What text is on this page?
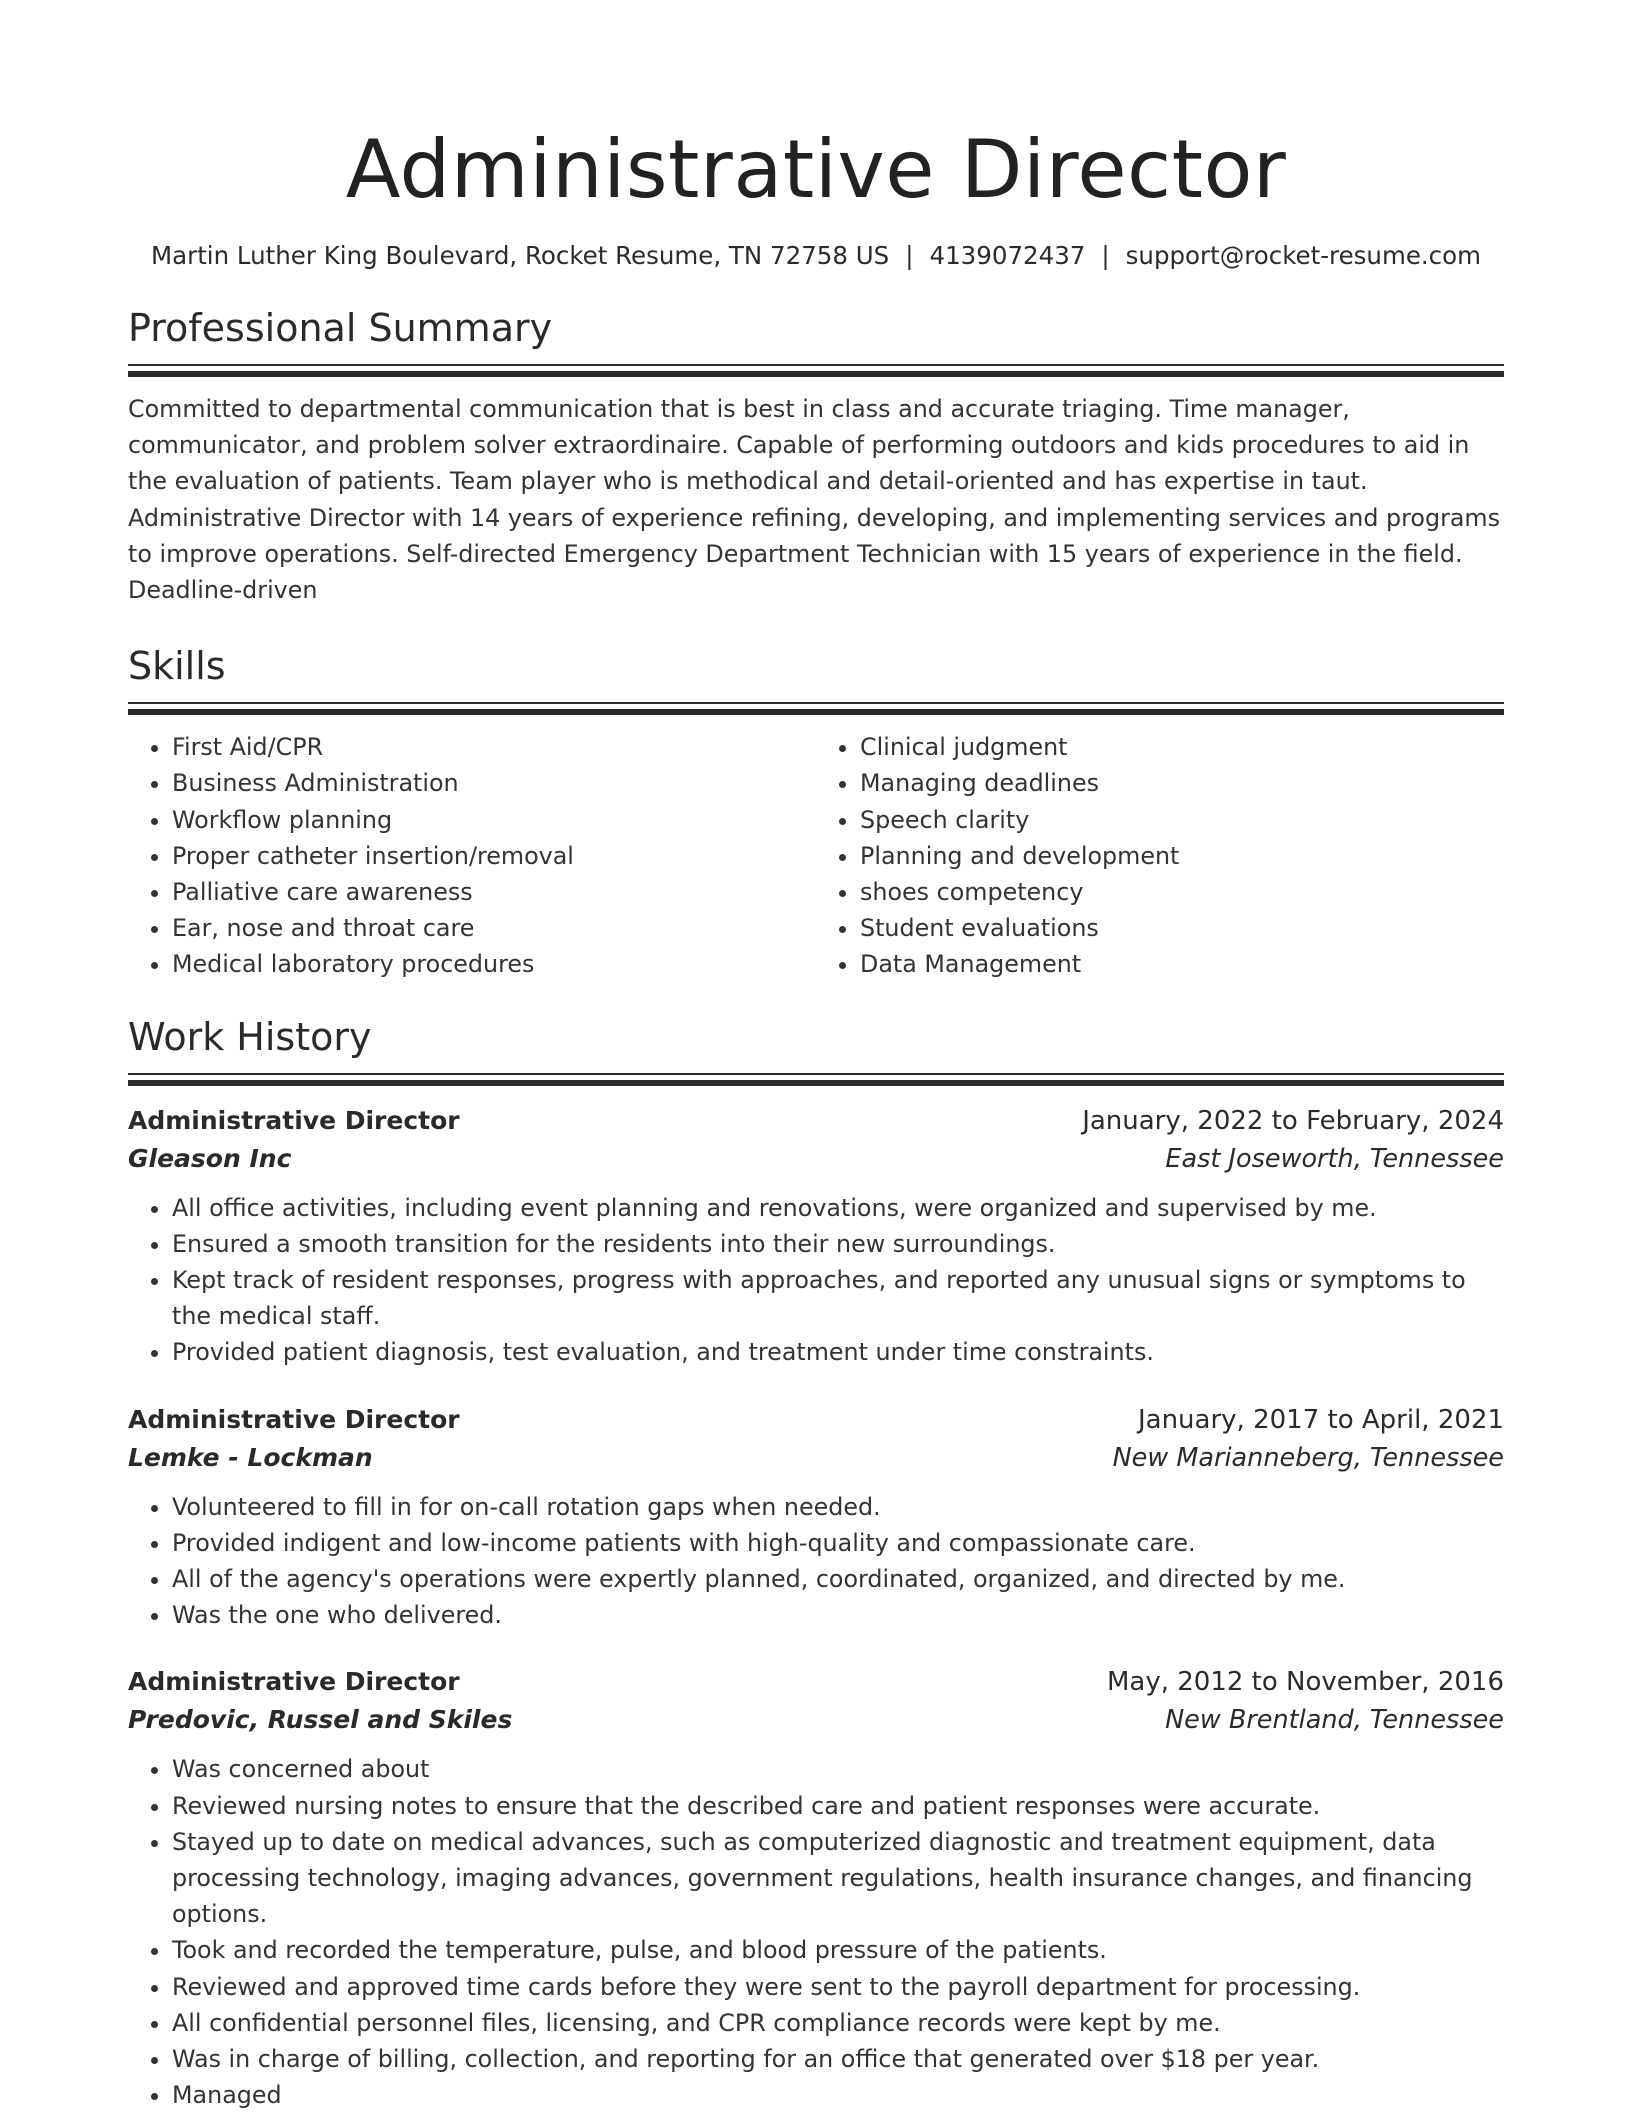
Administrative Director
Martin Luther King Boulevard, Rocket Resume, TN 72758 US | 4139072437 | support@rocket-resume.com
Professional Summary

Committed to departmental communication that is best in class and accurate triaging. Time manager, communicator, and problem solver extraordinaire. Capable of performing outdoors and kids procedures to aid in the evaluation of patients. Team player who is methodical and detail-oriented and has expertise in taut. Administrative Director with 14 years of experience refining, developing, and implementing services and programs to improve operations. Self-directed Emergency Department Technician with 15 years of experience in the field. Deadline-driven

Skills
• First Aid/CPR
• Business Administration
• Workflow planning
• Proper catheter insertion/removal
• Palliative care awareness
• Ear, nose and throat care
• Medical laboratory procedures
• Clinical judgment
• Managing deadlines
• Speech clarity
• Planning and development
• shoes competency
• Student evaluations
• Data Management
Work History
Administrative Director	January, 2022 to February, 2024
Gleason Inc	East Joseworth, Tennessee
• All office activities, including event planning and renovations, were organized and supervised by me.
• Ensured a smooth transition for the residents into their new surroundings.
• Kept track of resident responses, progress with approaches, and reported any unusual signs or symptoms to the medical staff.
• Provided patient diagnosis, test evaluation, and treatment under time constraints.
Administrative Director	January, 2017 to April, 2021
Lemke - Lockman	New Marianneberg, Tennessee
• Volunteered to fill in for on-call rotation gaps when needed.
• Provided indigent and low-income patients with high-quality and compassionate care.
• All of the agency's operations were expertly planned, coordinated, organized, and directed by me.
• Was the one who delivered.
Administrative Director	May, 2012 to November, 2016
Predovic, Russel and Skiles	New Brentland, Tennessee
• Was concerned about
• Reviewed nursing notes to ensure that the described care and patient responses were accurate.
• Stayed up to date on medical advances, such as computerized diagnostic and treatment equipment, data processing technology, imaging advances, government regulations, health insurance changes, and financing options.
• Took and recorded the temperature, pulse, and blood pressure of the patients.
• Reviewed and approved time cards before they were sent to the payroll department for processing.
• All confidential personnel files, licensing, and CPR compliance records were kept by me.
• Was in charge of billing, collection, and reporting for an office that generated over $18 per year.
• Managed
